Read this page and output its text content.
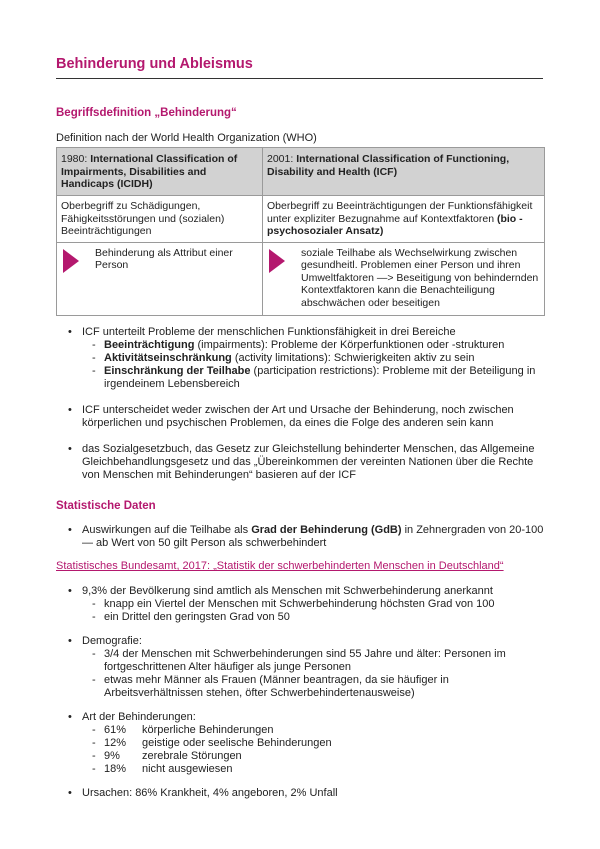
Behinderung und Ableismus
Begriffsdefinition „Behinderung“
Definition nach der World Health Organization (WHO)
1980: International Classification of Impairments, Disabilities and Handicaps (ICIDH)	2001: International Classification of Functioning, Disability and Health (ICF)
Oberbegriff zu Schädigungen, Fähigkeitsstörungen und (sozialen) Beeinträchtigungen	Oberbegriff zu Beeinträchtigungen der Funktionsfähigkeit unter expliziter Bezugnahme auf Kontextfaktoren (bio - psychosozialer Ansatz)

Behinderung als Attribut einer Person	soziale Teilhabe als Wechselwirkung zwischen gesundheitl. Problemen einer Person und ihren Umweltfaktoren —> Beseitigung von behindernden Kontextfaktoren kann die Benachteiligung abschwächen oder beseitigen
• ICF unterteilt Probleme der menschlichen Funktionsfähigkeit in drei Bereiche
- Beeinträchtigung (impairments): Probleme der Körperfunktionen oder -strukturen
- Aktivitätseinschränkung (activity limitations): Schwierigkeiten aktiv zu sein
- Einschränkung der Teilhabe (participation restrictions): Probleme mit der Beteiligung in irgendeinem Lebensbereich
• ICF unterscheidet weder zwischen der Art und Ursache der Behinderung, noch zwischen körperlichen und psychischen Problemen, da eines die Folge des anderen sein kann
• das Sozialgesetzbuch, das Gesetz zur Gleichstellung behinderter Menschen, das Allgemeine Gleichbehandlungsgesetz und das „Übereinkommen der vereinten Nationen über die Rechte von Menschen mit Behinderungen“ basieren auf der ICF
Statistische Daten
• Auswirkungen auf die Teilhabe als Grad der Behinderung (GdB) in Zehnergraden von 20-100 — ab Wert von 50 gilt Person als schwerbehindert
Statistisches Bundesamt, 2017: „Statistik der schwerbehinderten Menschen in Deutschland“
• 9,3% der Bevölkerung sind amtlich als Menschen mit Schwerbehinderung anerkannt
- knapp ein Viertel der Menschen mit Schwerbehinderung höchsten Grad von 100
- ein Drittel den geringsten Grad von 50
• Demografie:
- 3/4 der Menschen mit Schwerbehinderungen sind 55 Jahre und älter: Personen im fortgeschrittenen Alter häufiger als junge Personen
- etwas mehr Männer als Frauen (Männer beantragen, da sie häufiger in Arbeitsverhältnissen stehen, öfter Schwerbehindertenausweise)
• Art der Behinderungen:
- 61% körperliche Behinderungen
- 12% geistige oder seelische Behinderungen
- 9% zerebrale Störungen
- 18% nicht ausgewiesen
• Ursachen: 86% Krankheit, 4% angeboren, 2% Unfall
